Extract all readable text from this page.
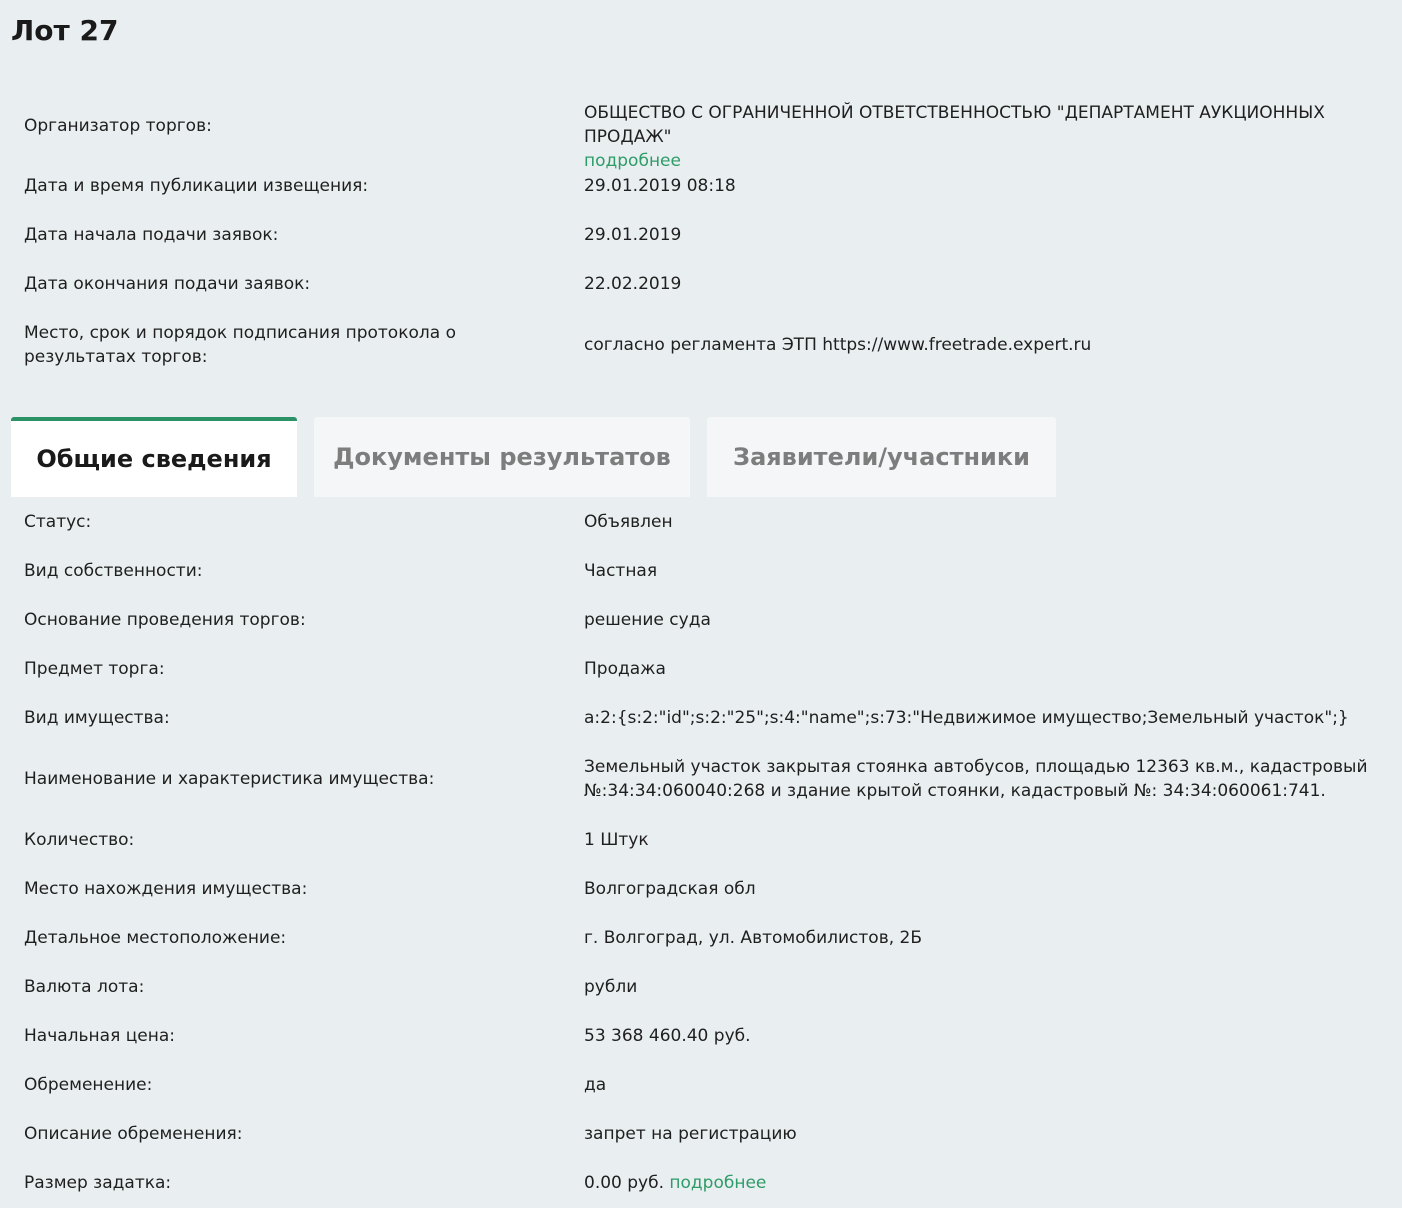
Лот 27
Организатор торгов:
ОБЩЕСТВО С ОГРАНИЧЕННОЙ ОТВЕТСТВЕННОСТЬЮ "ДЕПАРТАМЕНТ АУКЦИОННЫХ ПРОДАЖ"
подробнее
Дата и время публикации извещения:	29.01.2019 08:18
Дата начала подачи заявок:	29.01.2019
Дата окончания подачи заявок:	22.02.2019
Место, срок и порядок подписания протокола о результатах торгов:
согласно регламента ЭТП https://www.freetrade.expert.ru
Общие сведения	Документы результатов	Заявители/участники
Статус:	Объявлен
Вид собственности:	Частная
Основание проведения торгов:	решение суда
Предмет торга:	Продажа
Вид имущества:	a:2:{s:2:"id";s:2:"25";s:4:"name";s:73:"Недвижимое имущество;Земельный участок";}
Наименование и характеристика имущества:
Земельный участок закрытая стоянка автобусов, площадью 12363 кв.м., кадастровый №:34:34:060040:268 и здание крытой стоянки, кадастровый №: 34:34:060061:741.
Количество:	1 Штук
Место нахождения имущества:	Волгоградская обл
Детальное местоположение:	г. Волгоград, ул. Автомобилистов, 2Б
Валюта лота:	рубли
Начальная цена:	53 368 460.40 руб.
Обременение:	да
Описание обременения:	запрет на регистрацию
Размер задатка:	0.00 руб. подробнее
